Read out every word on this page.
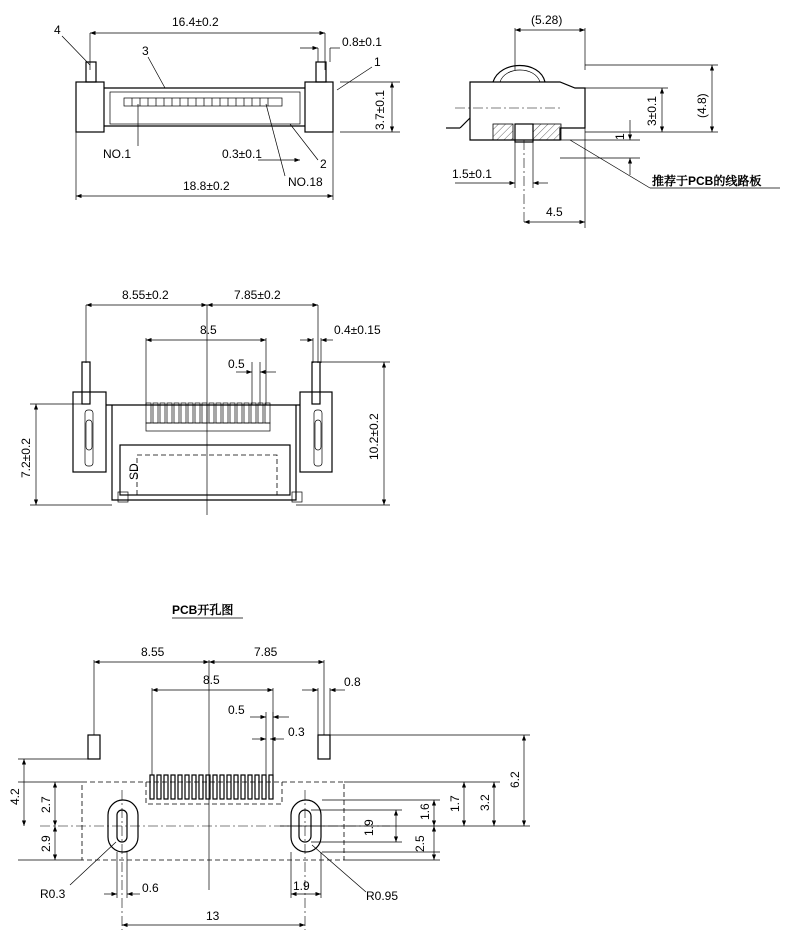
16.4±0.2
0.8±0.1
18.8±0.2
3.7±0.1
4
3
1
2
NO.1
NO.18
0.3±0.1
(5.28)
(4.8)
3±0.1
1
1.5±0.1
4.5
推荐于PCB的线路板
8.55±0.2	7.85±0.2
8.5	0.4±0.15
0.5
SD
7.2±0.2	10.2±0.2
PCB开孔图
8.55	7.85
8.5	0.8
0.5
0.3
4.2 2.7
2.9
6.2
3.2
1.7
1.6
1.9
2.5
R0.3	0.6	1.9
R0.95
13
